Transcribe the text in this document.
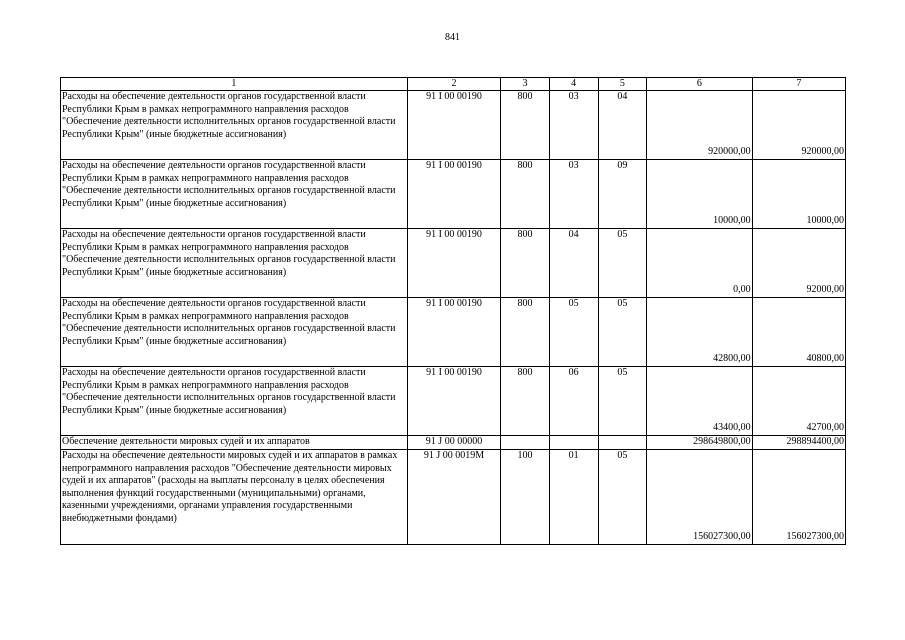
841
1	2	3	4	5	6	7
Расходы на обеспечение деятельности органов государственной власти Республики Крым в рамках непрограммного направления расходов "Обеспечение деятельности исполнительных органов государственной власти Республики Крым" (иные бюджетные ассигнования)	91 I 00 00190	800	03	04	920000,00	920000,00
Расходы на обеспечение деятельности органов государственной власти Республики Крым в рамках непрограммного направления расходов "Обеспечение деятельности исполнительных органов государственной власти Республики Крым" (иные бюджетные ассигнования)	91 I 00 00190	800	03	09	10000,00	10000,00
Расходы на обеспечение деятельности органов государственной власти Республики Крым в рамках непрограммного направления расходов "Обеспечение деятельности исполнительных органов государственной власти Республики Крым" (иные бюджетные ассигнования)	91 I 00 00190	800	04	05	0,00	92000,00
Расходы на обеспечение деятельности органов государственной власти Республики Крым в рамках непрограммного направления расходов "Обеспечение деятельности исполнительных органов государственной власти Республики Крым" (иные бюджетные ассигнования)	91 I 00 00190	800	05	05	42800,00	40800,00
Расходы на обеспечение деятельности органов государственной власти Республики Крым в рамках непрограммного направления расходов "Обеспечение деятельности исполнительных органов государственной власти Республики Крым" (иные бюджетные ассигнования)	91 I 00 00190	800	06	05	43400,00	42700,00
Обеспечение деятельности мировых судей и их аппаратов	91 J 00 00000				298649800,00	298894400,00
Расходы на обеспечение деятельности мировых судей и их аппаратов в рамках непрограммного направления расходов "Обеспечение деятельности мировых судей и их аппаратов" (расходы на выплаты персоналу в целях обеспечения выполнения функций государственными (муниципальными) органами, казенными учреждениями, органами управления государственными внебюджетными фондами)	91 J 00 0019M	100	01	05	156027300,00	156027300,00
